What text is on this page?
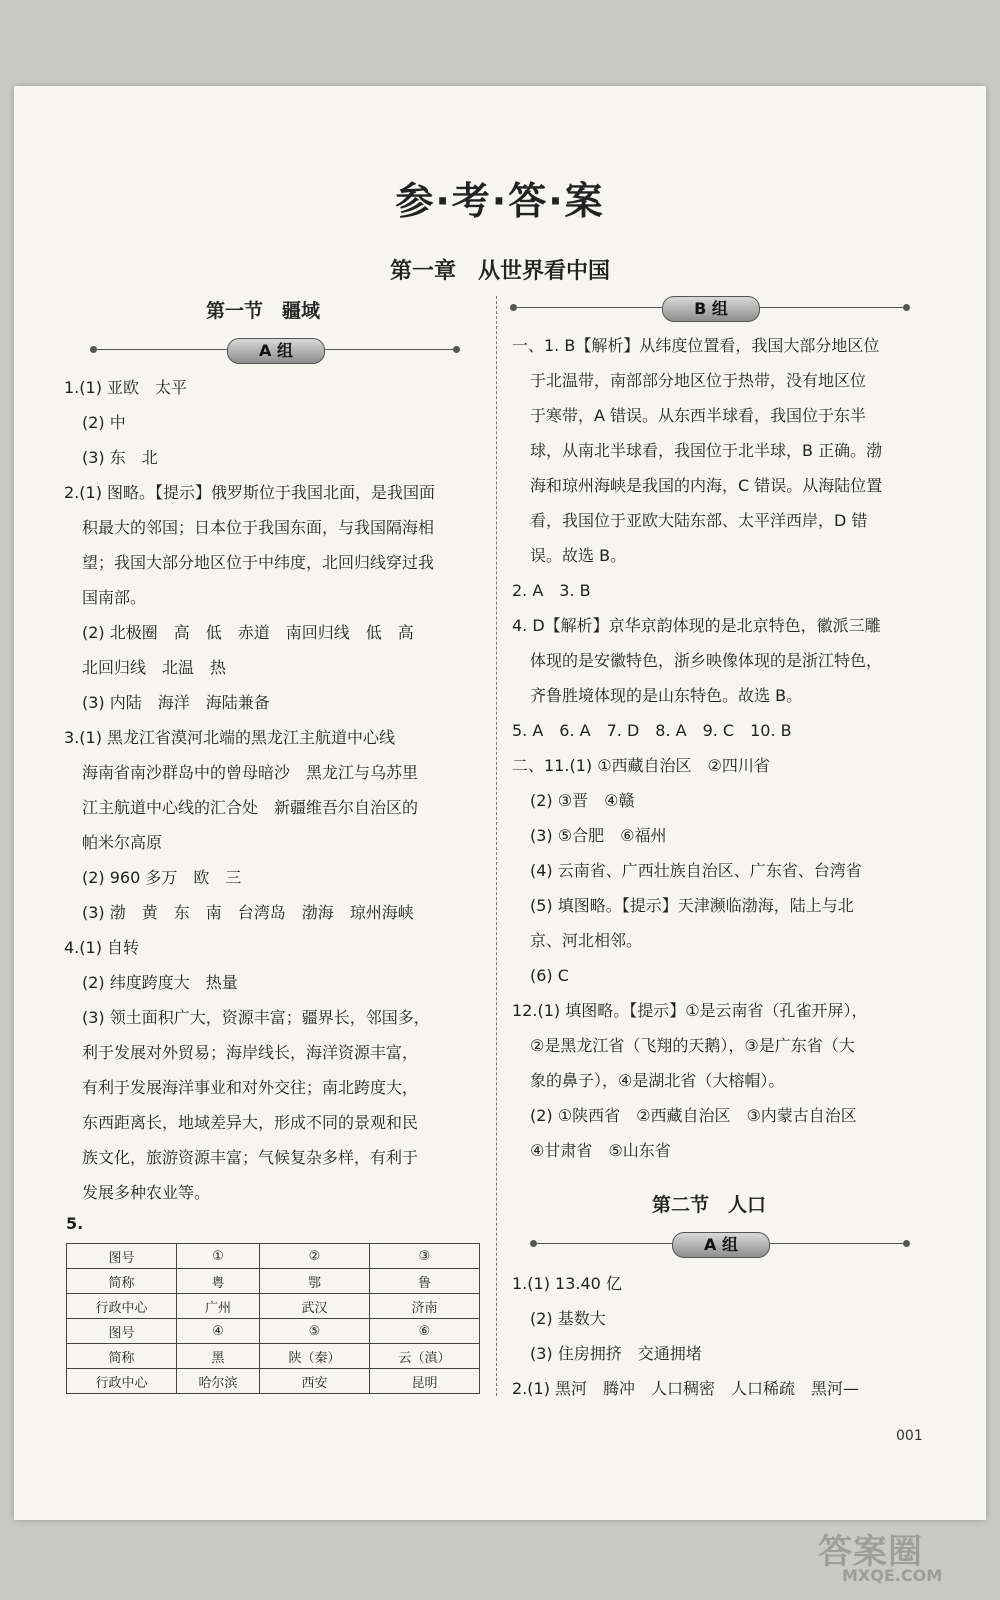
参·考·答·案
第一章　从世界看中国
第一节　疆域
A 组
1.(1) 亚欧　太平
(2) 中
(3) 东　北
2.(1) 图略。【提示】俄罗斯位于我国北面，是我国面
积最大的邻国；日本位于我国东面，与我国隔海相
望；我国大部分地区位于中纬度，北回归线穿过我
国南部。
(2) 北极圈　高　低　赤道　南回归线　低　高
北回归线　北温　热
(3) 内陆　海洋　海陆兼备
3.(1) 黑龙江省漠河北端的黑龙江主航道中心线
海南省南沙群岛中的曾母暗沙　黑龙江与乌苏里
江主航道中心线的汇合处　新疆维吾尔自治区的
帕米尔高原
(2) 960 多万　欧　三
(3) 渤　黄　东　南　台湾岛　渤海　琼州海峡
4.(1) 自转
(2) 纬度跨度大　热量
(3) 领土面积广大，资源丰富；疆界长，邻国多，
利于发展对外贸易；海岸线长，海洋资源丰富，
有利于发展海洋事业和对外交往；南北跨度大，
东西距离长，地域差异大，形成不同的景观和民
族文化，旅游资源丰富；气候复杂多样，有利于
发展多种农业等。
5.
图号	①	②	③
简称	粤	鄂	鲁
行政中心	广州	武汉	济南
图号	④	⑤	⑥
简称	黑	陕（秦）	云（滇）
行政中心	哈尔滨	西安	昆明
B 组
一、1. B【解析】从纬度位置看，我国大部分地区位
于北温带，南部部分地区位于热带，没有地区位
于寒带，A 错误。从东西半球看，我国位于东半
球，从南北半球看，我国位于北半球，B 正确。渤
海和琼州海峡是我国的内海，C 错误。从海陆位置
看，我国位于亚欧大陆东部、太平洋西岸，D 错
误。故选 B。
2. A　3. B
4. D【解析】京华京韵体现的是北京特色，徽派三雕
体现的是安徽特色，浙乡映像体现的是浙江特色，
齐鲁胜境体现的是山东特色。故选 B。
5. A　6. A　7. D　8. A　9. C　10. B
二、11.(1) ①西藏自治区　②四川省
(2) ③晋　④赣
(3) ⑤合肥　⑥福州
(4) 云南省、广西壮族自治区、广东省、台湾省
(5) 填图略。【提示】天津濒临渤海，陆上与北
京、河北相邻。
(6) C
12.(1) 填图略。【提示】①是云南省（孔雀开屏），
②是黑龙江省（飞翔的天鹅），③是广东省（大
象的鼻子），④是湖北省（大榕帽）。
(2) ①陕西省　②西藏自治区　③内蒙古自治区
④甘肃省　⑤山东省
第二节　人口
A 组
1.(1) 13.40 亿
(2) 基数大
(3) 住房拥挤　交通拥堵
2.(1) 黑河　腾冲　人口稠密　人口稀疏　黑河—
001
答案圈
MXQE.COM
